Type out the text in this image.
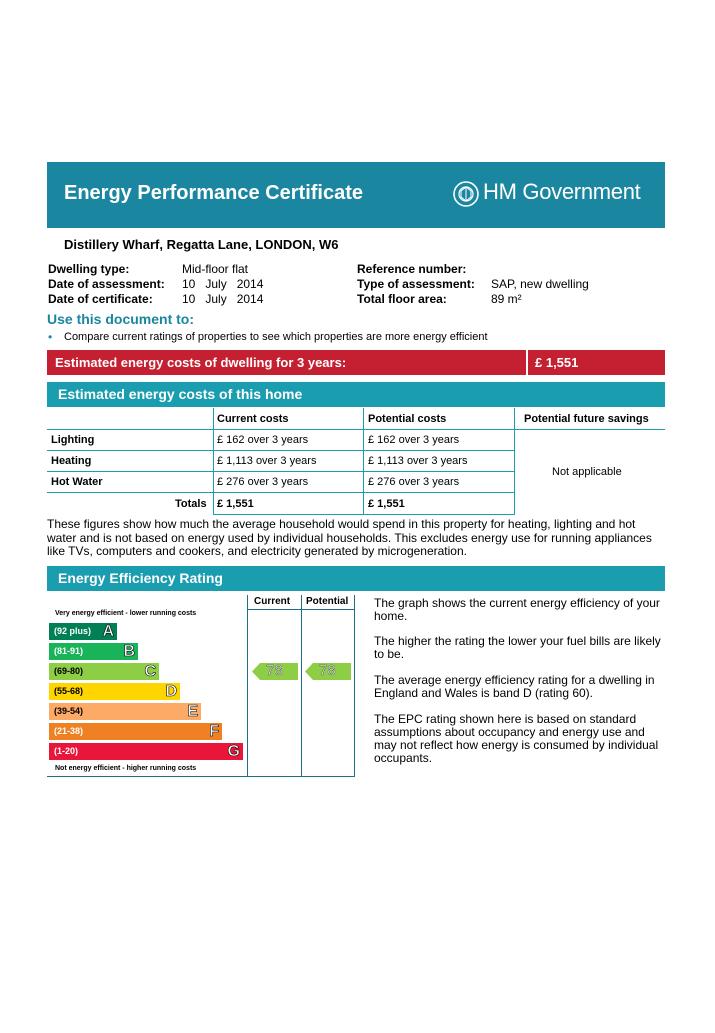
Energy Performance Certificate	HM Government
Distillery Wharf, Regatta Lane, LONDON, W6
Dwelling type:	Mid-floor flat
Date of assessment: 10   July   2014
Date of certificate: 10   July   2014
Reference number:
Type of assessment: SAP, new dwelling
Total floor area:	89 m²
Use this document to:
• Compare current ratings of properties to see which properties are more energy efficient
Estimated energy costs of dwelling for 3 years:	£ 1,551
Estimated energy costs of this home
Current costs	Potential costs	Potential future savings
Lighting	£ 162 over 3 years	£ 162 over 3 years
Heating	£ 1,113 over 3 years	£ 1,113 over 3 years
Hot Water	£ 276 over 3 years	£ 276 over 3 years
Totals £ 1,551	£ 1,551
Not applicable
These figures show how much the average household would spend in this property for heating, lighting and hot water and is not based on energy used by individual households. This excludes energy use for running appliances like TVs, computers and cookers, and electricity generated by microgeneration.
Energy Efficiency Rating
Current Potential
Very energy efficient - lower running costs
Not energy efficient - higher running costs
(92 plus) A
(81-91)	B
(69-80)	C
(55-68)	D
(39-54)	E
(21-38)	F
(1-20)	G
78 78
The graph shows the current energy efficiency of your home.
The higher the rating the lower your fuel bills are likely to be.
The average energy efficiency rating for a dwelling in England and Wales is band D (rating 60).
The EPC rating shown here is based on standard assumptions about occupancy and energy use and may not reflect how energy is consumed by individual occupants.
